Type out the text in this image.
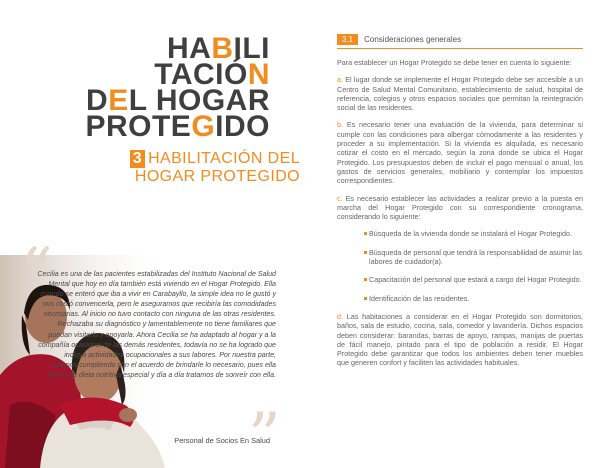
HABILI
TACIÓN
DEL HOGAR
PROTEGIDO
3 HABILITACIÓN DEL HOGAR PROTEGIDO
“
Cecilia es una de las pacientes estabilizadas del Instituto Nacional de Salud Mental que hoy en día también está viviendo en el Hogar Protegido. Ella cuando se enteró que iba a vivir en Carabayllo, la simple idea no le gustó y nos costó convencerla, pero le aseguramos que recibiría las comodidades necesarias. Al inicio no tuvo contacto con ninguna de las otras residentes. Rechazaba su diagnóstico y lamentablemente no tiene familiares que puedan visitarla y apoyarla. Ahora Cecilia se ha adaptado al hogar y a la compañía ocasional de las demás residentes, todavía no se ha logrado que incluya actividades ocupacionales a sus labores. Por nuestra parte, estamos cumpliendo con el acuerdo de brindarle lo necesario, pues ella tiene una dieta nutritiva especial y día a día tratamos de sonreír con ella.
”
Personal de Socios En Salud
3.1	Consideraciones generales

Para establecer un Hogar Protegido se debe tener en cuenta lo siguiente:

a. El lugar donde se implemente el Hogar Protegido debe ser accesible a un Centro de Salud Mental Comunitario, establecimiento de salud, hospital de referencia, colegios y otros espacios sociales que permitan la reintegración social de las residentes.

b. Es necesario tener una evaluación de la vivienda, para determinar si cumple con las condiciones para albergar cómodamente a las residentes y proceder a su implementación. Si la vivienda es alquilada, es necesario cotizar el costo en el mercado, según la zona donde se ubica el Hogar Protegido. Los presupuestos deben de incluir el pago mensual o anual, los gastos de servicios generales, mobiliario y contemplar los impuestos correspondientes.

c. Es necesario establecer las actividades a realizar previo a la puesta en marcha del Hogar Protegido con su correspondiente cronograma, considerando lo siguiente:

Búsqueda de la vivienda donde se instalará el Hogar Protegido.
Búsqueda de personal que tendrá la responsabilidad de asumir las labores de cuidador(a).
Capacitación del personal que estará a cargo del Hogar Protegido.
Identificación de las residentes.

d. Las habitaciones a considerar en el Hogar Protegido son dormitorios, baños, sala de estudio, cocina, sala, comedor y lavandería. Dichos espacios deben considerar: barandas, barras de apoyo, rampas, manijas de puertas de fácil manejo, pintado para el tipo de población a residir. El Hogar Protegido debe garantizar que todos los ambientes deben tener muebles que generen confort y faciliten las actividades habituales.
